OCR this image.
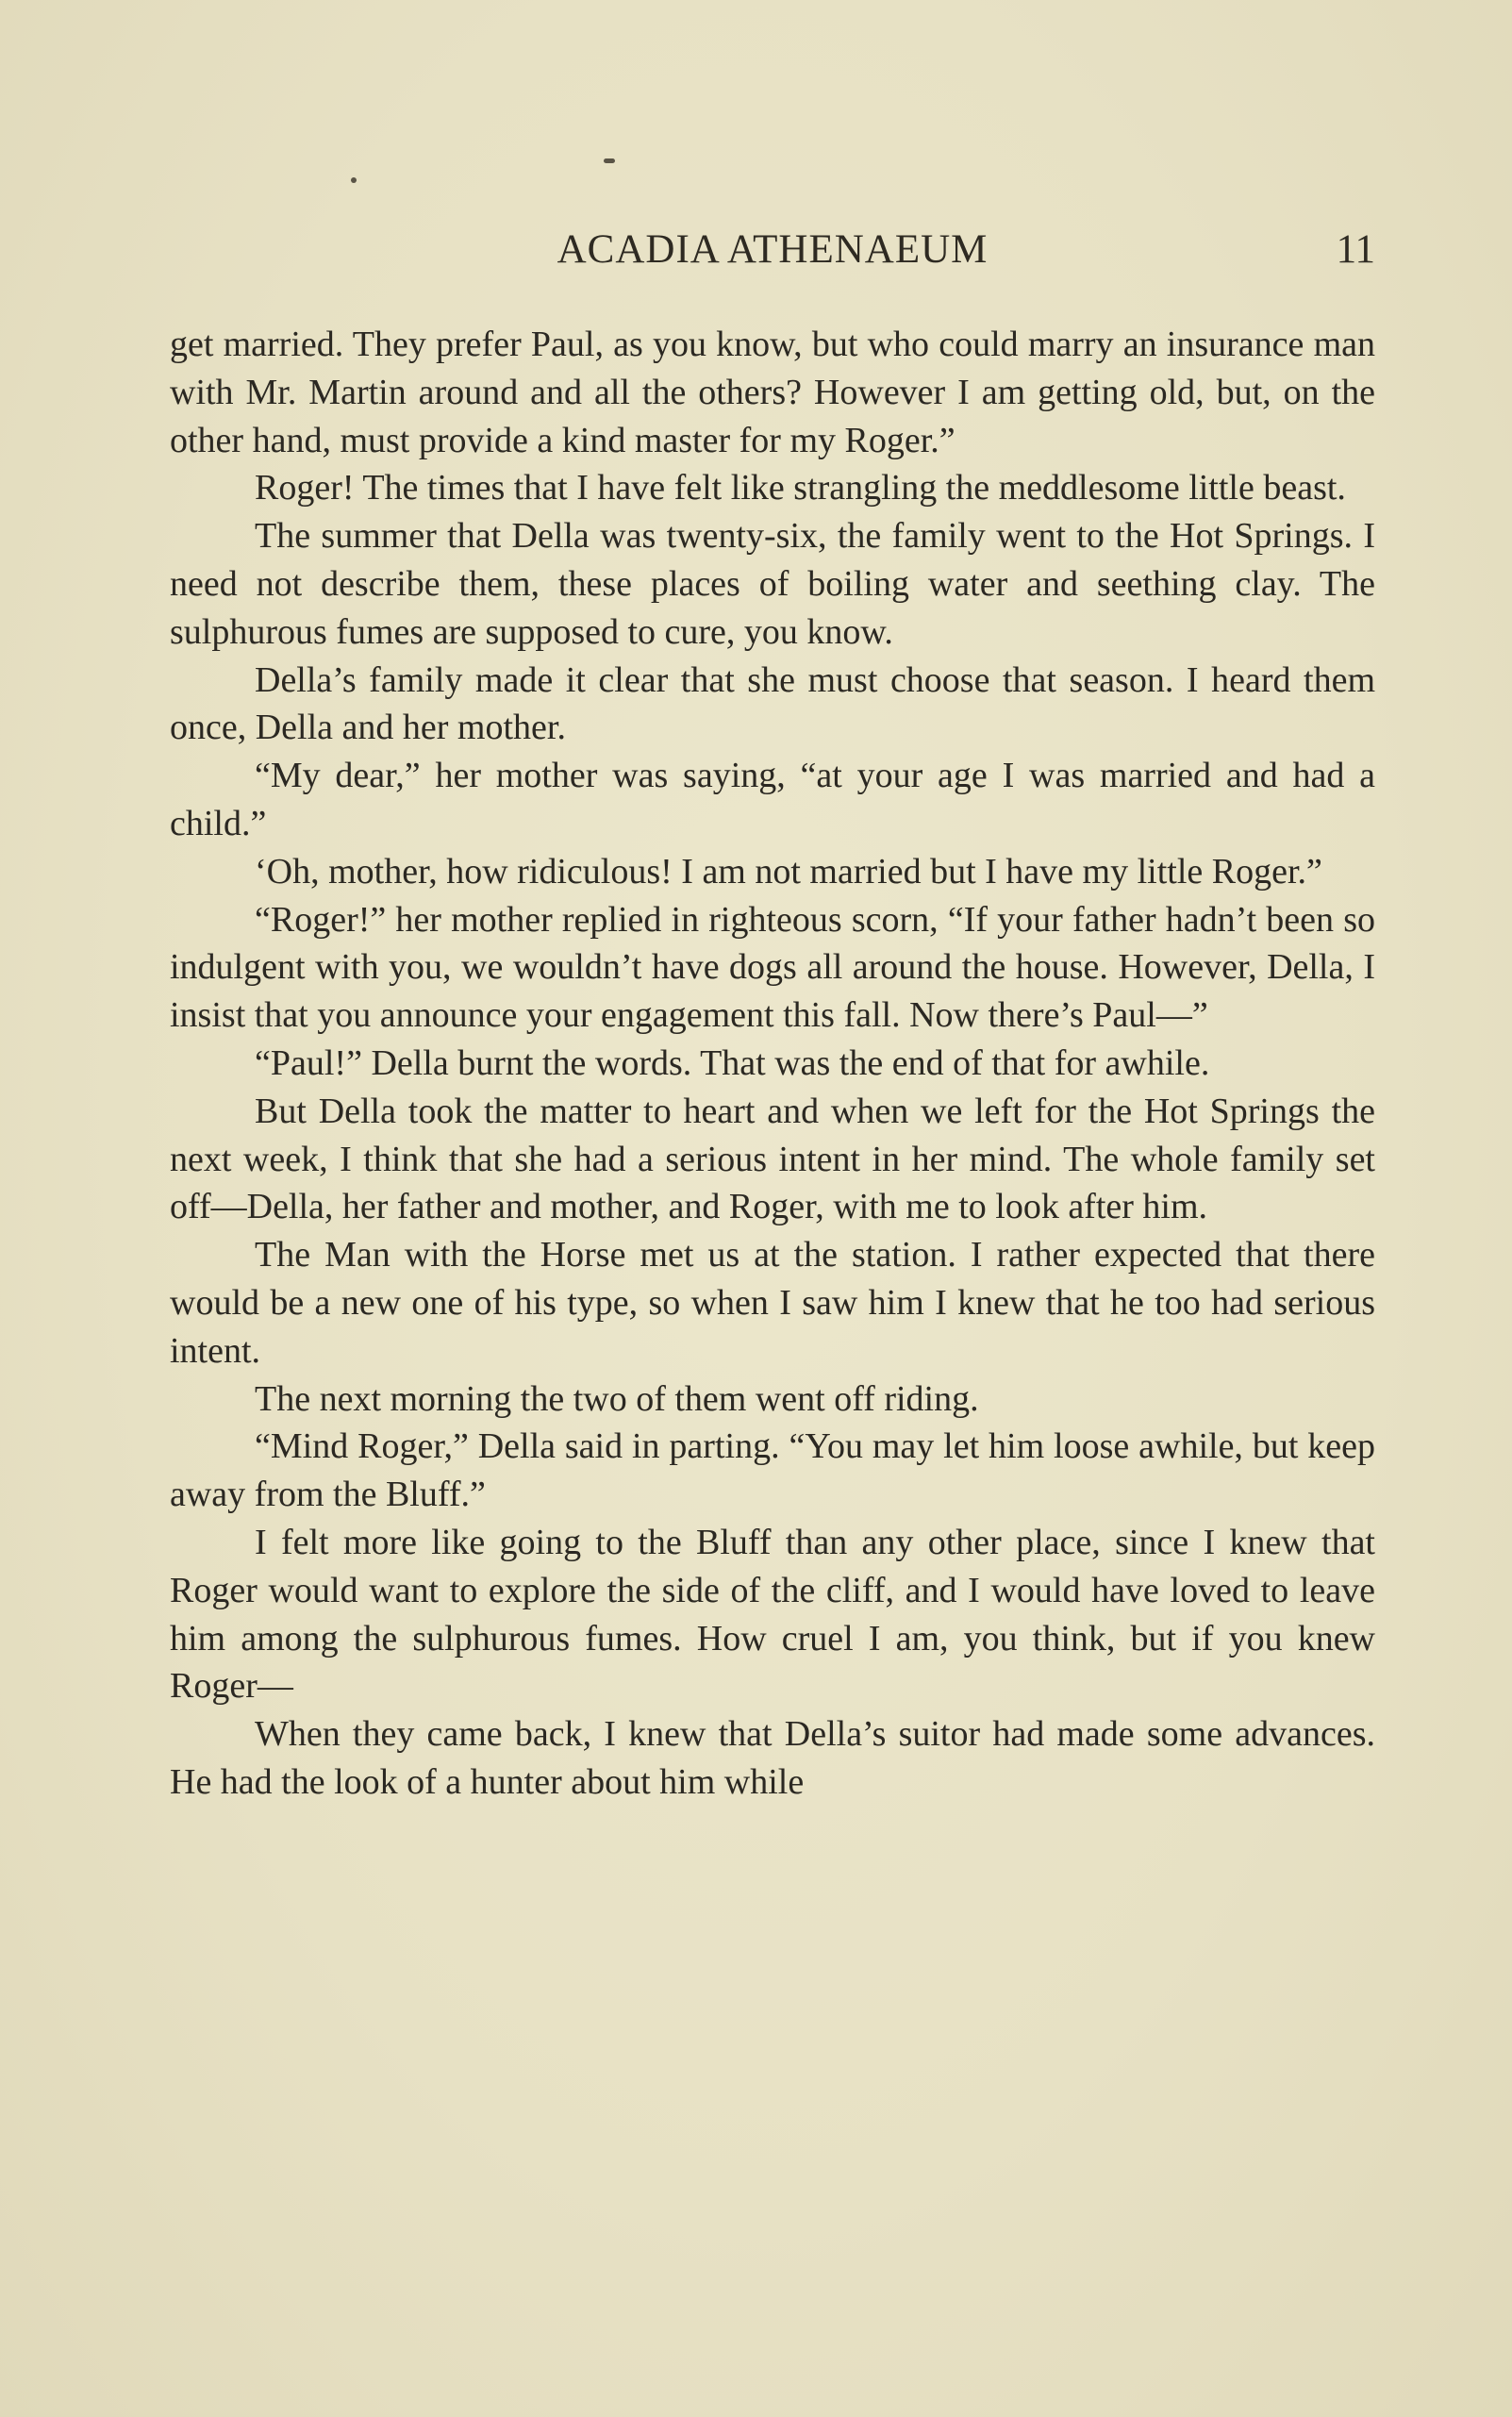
ACADIA ATHENAEUM	11

get married. They prefer Paul, as you know, but who could marry an insurance man with Mr. Martin around and all the others? However I am getting old, but, on the other hand, must provide a kind master for my Roger.”

Roger! The times that I have felt like strangling the meddlesome little beast.

The summer that Della was twenty-six, the family went to the Hot Springs. I need not describe them, these places of boiling water and seething clay. The sulphurous fumes are supposed to cure, you know.

Della’s family made it clear that she must choose that season. I heard them once, Della and her mother.

“My dear,” her mother was saying, “at your age I was married and had a child.”

‘Oh, mother, how ridiculous! I am not married but I have my little Roger.”

“Roger!” her mother replied in righteous scorn, “If your father hadn’t been so indulgent with you, we wouldn’t have dogs all around the house. However, Della, I insist that you announce your engagement this fall. Now there’s Paul—”

“Paul!” Della burnt the words. That was the end of that for awhile.

But Della took the matter to heart and when we left for the Hot Springs the next week, I think that she had a serious intent in her mind. The whole family set off—Della, her father and mother, and Roger, with me to look after him.

The Man with the Horse met us at the station. I rather expected that there would be a new one of his type, so when I saw him I knew that he too had serious intent.

The next morning the two of them went off riding.

“Mind Roger,” Della said in parting. “You may let him loose awhile, but keep away from the Bluff.”

I felt more like going to the Bluff than any other place, since I knew that Roger would want to explore the side of the cliff, and I would have loved to leave him among the sulphurous fumes. How cruel I am, you think, but if you knew Roger—

When they came back, I knew that Della’s suitor had made some advances. He had the look of a hunter about him while
